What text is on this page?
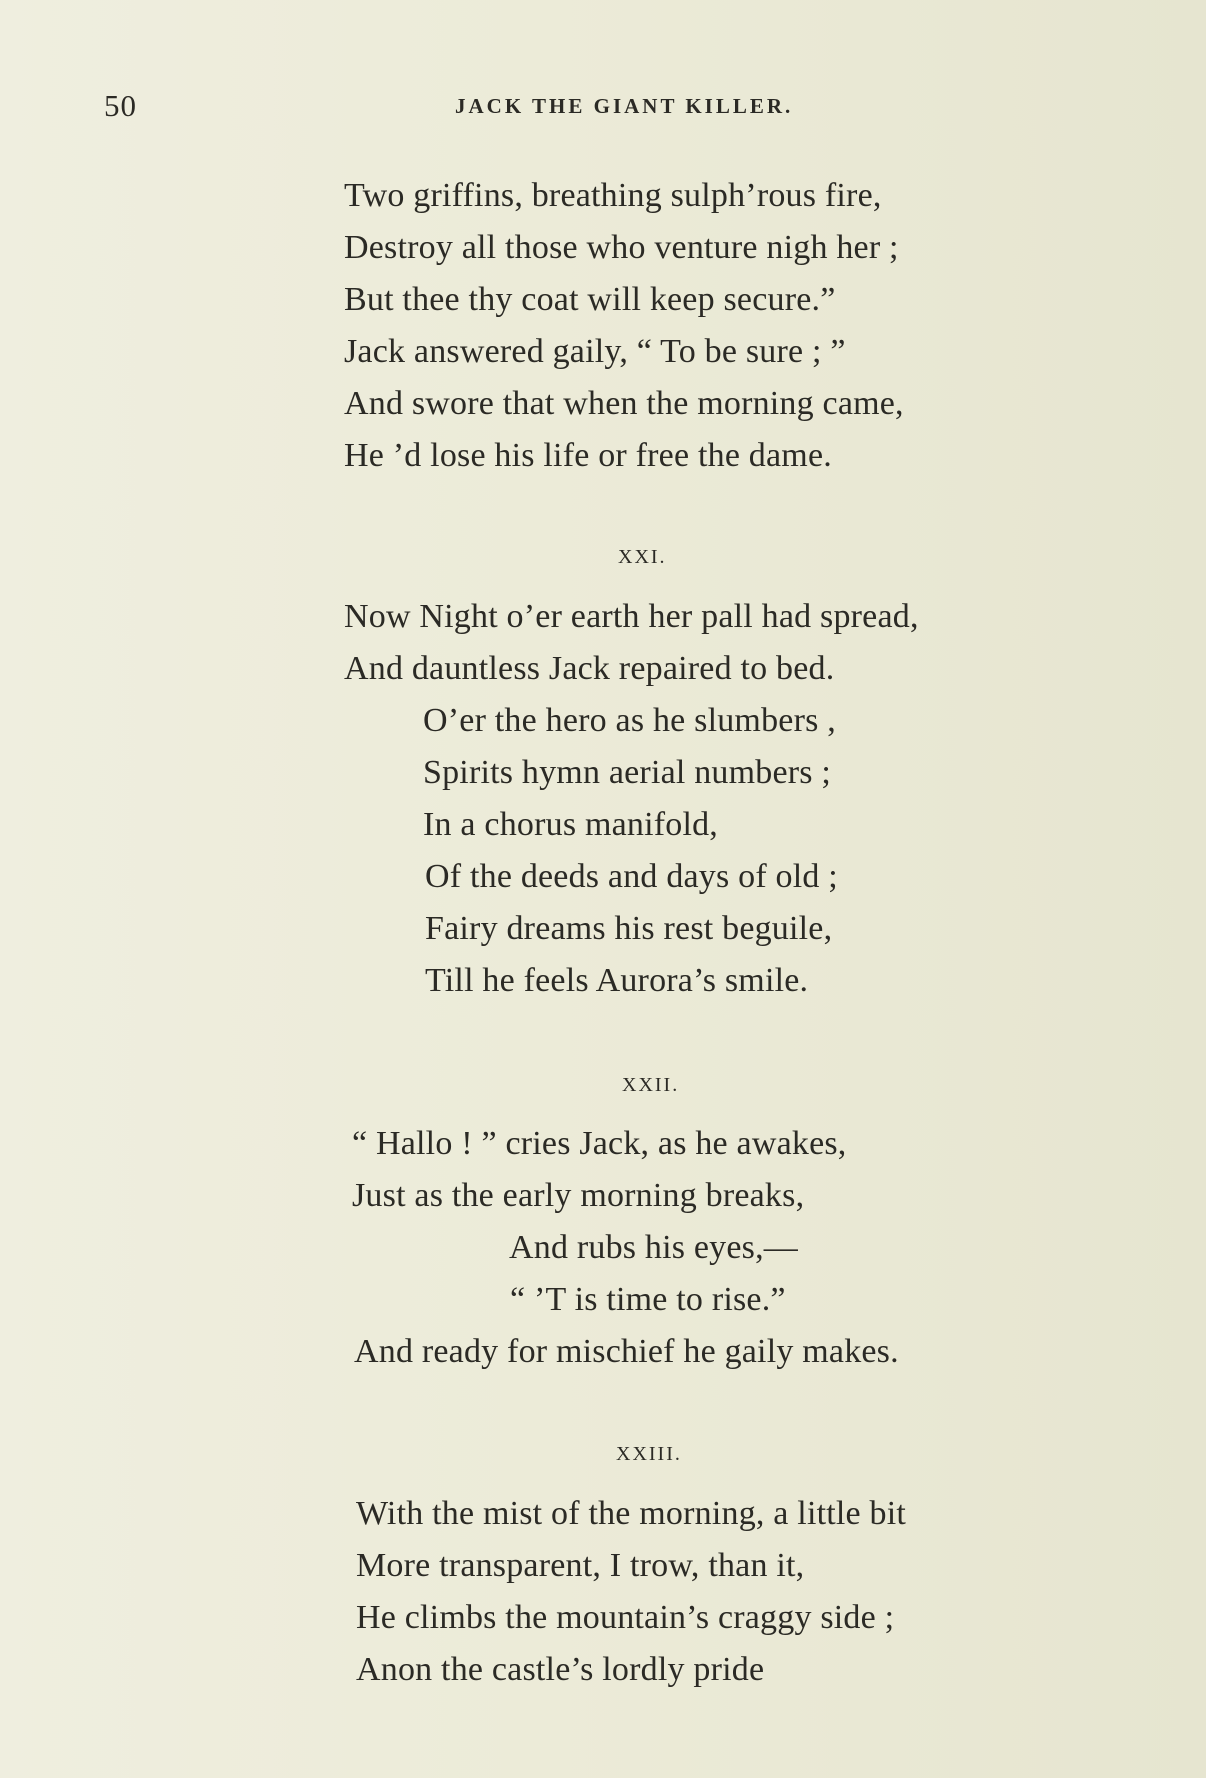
50	JACK THE GIANT KILLER.
Two griffins, breathing sulph’rous fire,
Destroy all those who venture nigh her ;
But thee thy coat will keep secure.”
Jack answered gaily, “ To be sure ; ”
And swore that when the morning came,
He ’d lose his life or free the dame.
XXI.
Now Night o’er earth her pall had spread,
And dauntless Jack repaired to bed.
O’er the hero as he slumbers ,
Spirits hymn aerial numbers ;
In a chorus manifold,
Of the deeds and days of old ;
Fairy dreams his rest beguile,
Till he feels Aurora’s smile.
XXII.
“ Hallo ! ” cries Jack, as he awakes,
Just as the early morning breaks,
And rubs his eyes,—
“ ’T is time to rise.”
And ready for mischief he gaily makes.
XXIII.
With the mist of the morning, a little bit
More transparent, I trow, than it,
He climbs the mountain’s craggy side ;
Anon the castle’s lordly pride
